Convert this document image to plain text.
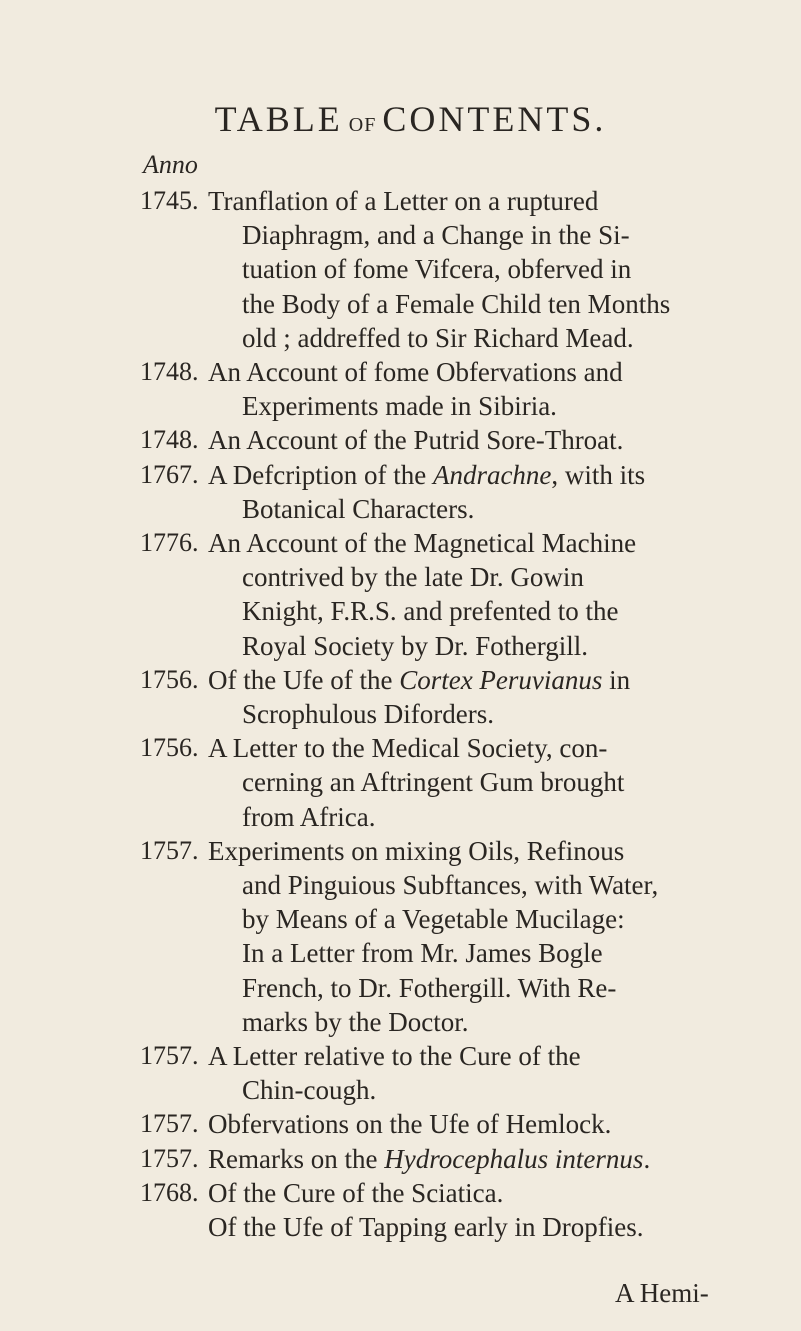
TABLE OF CONTENTS.
Anno
1745. Tranflation of a Letter on a ruptured
Diaphragm, and a Change in the Si-
tuation of fome Vifcera, obferved in
the Body of a Female Child ten Months
old ; addreffed to Sir Richard Mead.
1748. An Account of fome Obfervations and
Experiments made in Sibiria.
1748. An Account of the Putrid Sore-Throat.
1767. A Defcription of the Andrachne, with its
Botanical Characters.
1776. An Account of the Magnetical Machine
contrived by the late Dr. Gowin
Knight, F.R.S. and prefented to the
Royal Society by Dr. Fothergill.
1756. Of the Ufe of the Cortex Peruvianus in
Scrophulous Diforders.
1756. A Letter to the Medical Society, con-
cerning an Aftringent Gum brought
from Africa.
1757. Experiments on mixing Oils, Refinous
and Pinguious Subftances, with Water,
by Means of a Vegetable Mucilage:
In a Letter from Mr. James Bogle
French, to Dr. Fothergill. With Re-
marks by the Doctor.
1757. A Letter relative to the Cure of the
Chin-cough.
1757. Obfervations on the Ufe of Hemlock.
1757. Remarks on the Hydrocephalus internus.
1768. Of the Cure of the Sciatica.
Of the Ufe of Tapping early in Dropfies.
A Hemi-
